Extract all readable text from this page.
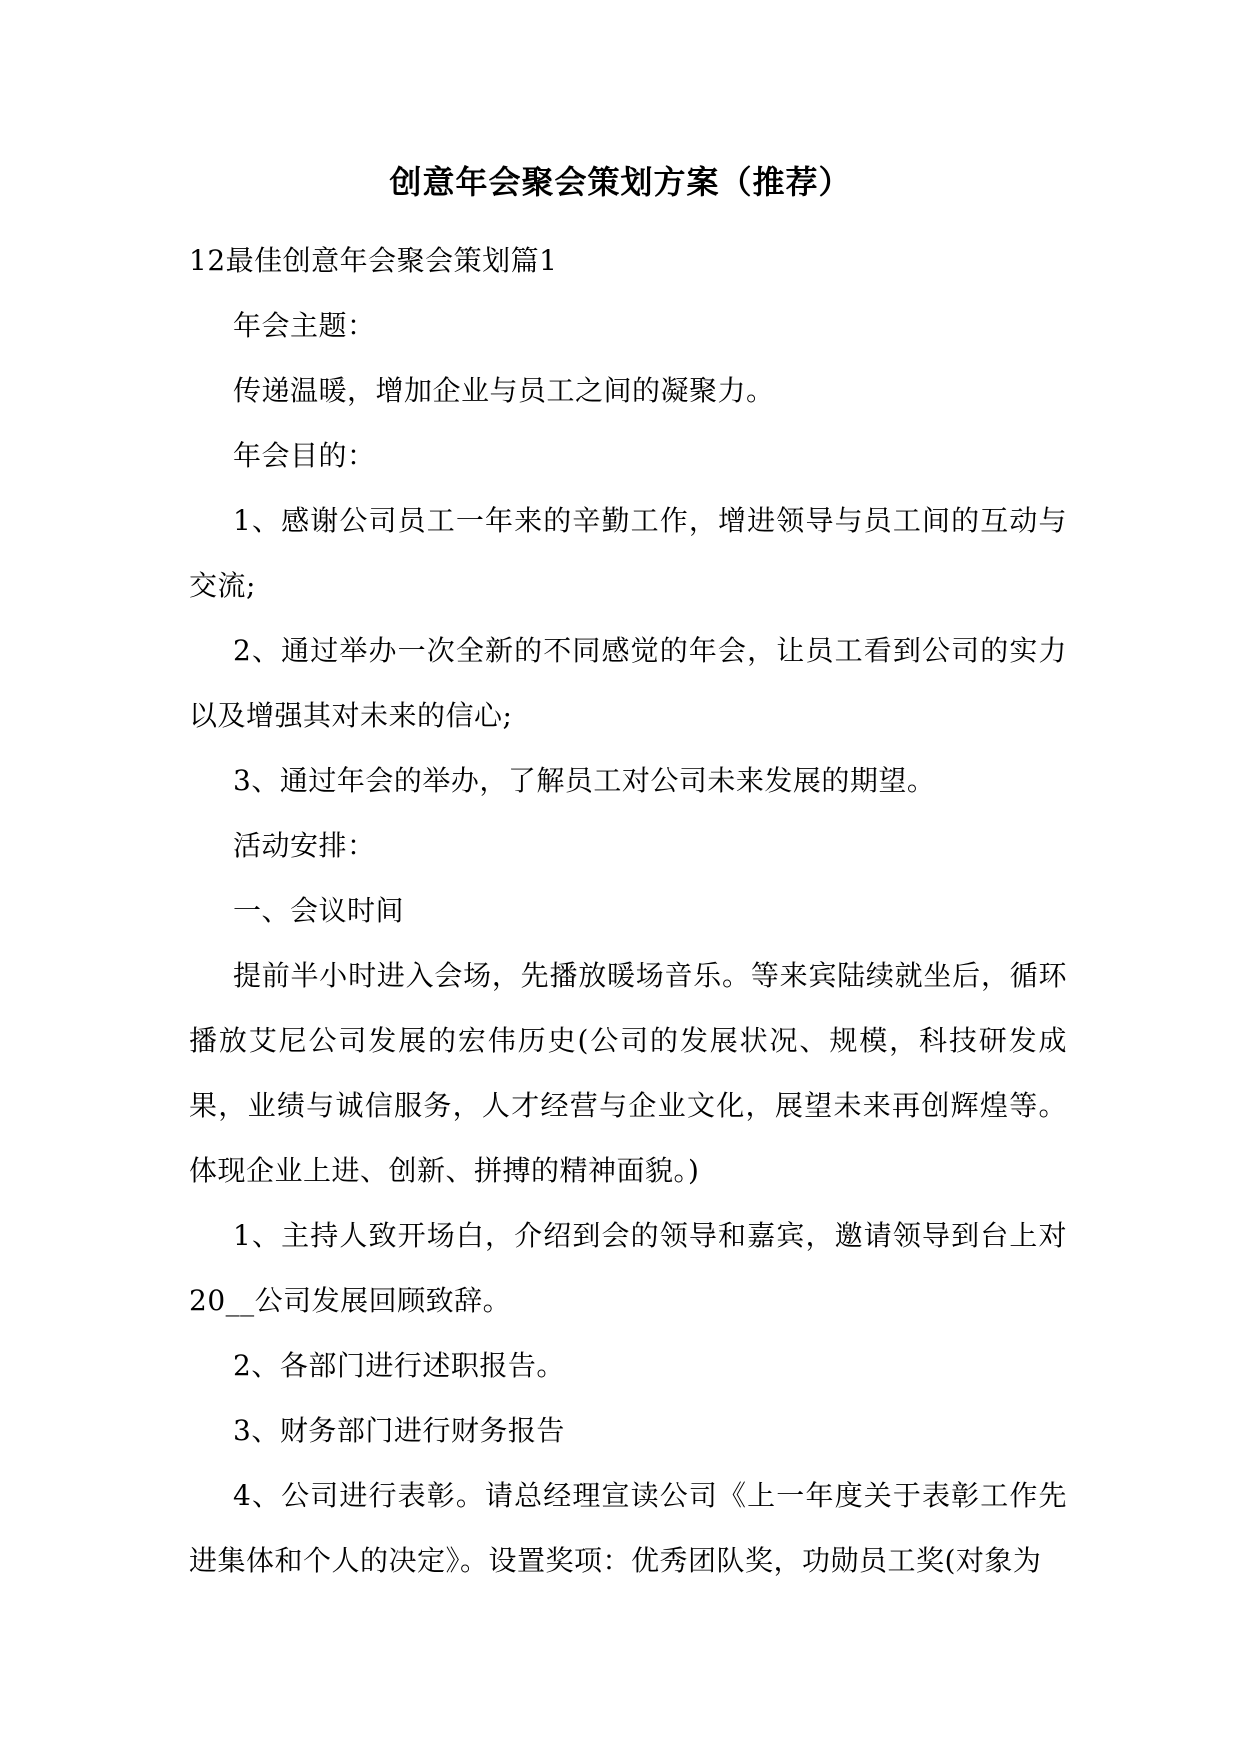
创意年会聚会策划方案（推荐）

12最佳创意年会聚会策划篇1

年会主题：

传递温暖，增加企业与员工之间的凝聚力。

年会目的：

1、感谢公司员工一年来的辛勤工作，增进领导与员工间的互动与交流;

2、通过举办一次全新的不同感觉的年会，让员工看到公司的实力以及增强其对未来的信心;

3、通过年会的举办，了解员工对公司未来发展的期望。

活动安排：

一、会议时间

提前半小时进入会场，先播放暖场音乐。等来宾陆续就坐后，循环播放艾尼公司发展的宏伟历史(公司的发展状况、规模，科技研发成果，业绩与诚信服务，人才经营与企业文化，展望未来再创辉煌等。体现企业上进、创新、拼搏的精神面貌。)

1、主持人致开场白，介绍到会的领导和嘉宾，邀请领导到台上对20__公司发展回顾致辞。

2、各部门进行述职报告。

3、财务部门进行财务报告

4、公司进行表彰。请总经理宣读公司《上一年度关于表彰工作先进集体和个人的决定》。设置奖项：优秀团队奖，功勋员工奖(对象为
